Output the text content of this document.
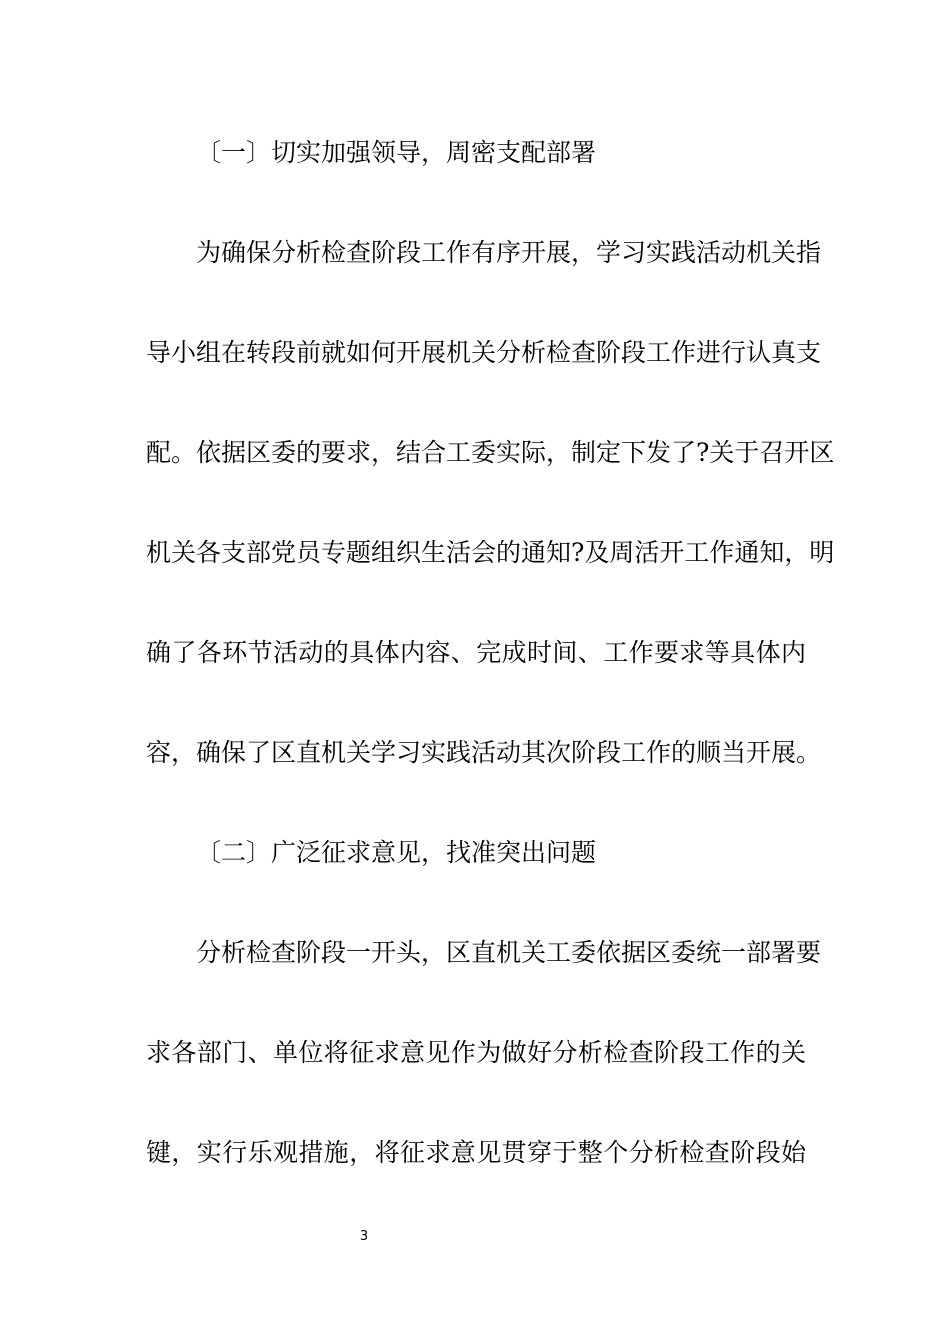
〔一〕切实加强领导，周密支配部署
为确保分析检查阶段工作有序开展，学习实践活动机关指
导小组在转段前就如何开展机关分析检查阶段工作进行认真支
配。依据区委的要求，结合工委实际，制定下发了?关于召开区
机关各支部党员专题组织生活会的通知?及周活开工作通知，明
确了各环节活动的具体内容、完成时间、工作要求等具体内
容，确保了区直机关学习实践活动其次阶段工作的顺当开展。
〔二〕广泛征求意见，找准突出问题
分析检查阶段一开头，区直机关工委依据区委统一部署要
求各部门、单位将征求意见作为做好分析检查阶段工作的关
键，实行乐观措施，将征求意见贯穿于整个分析检查阶段始
3
